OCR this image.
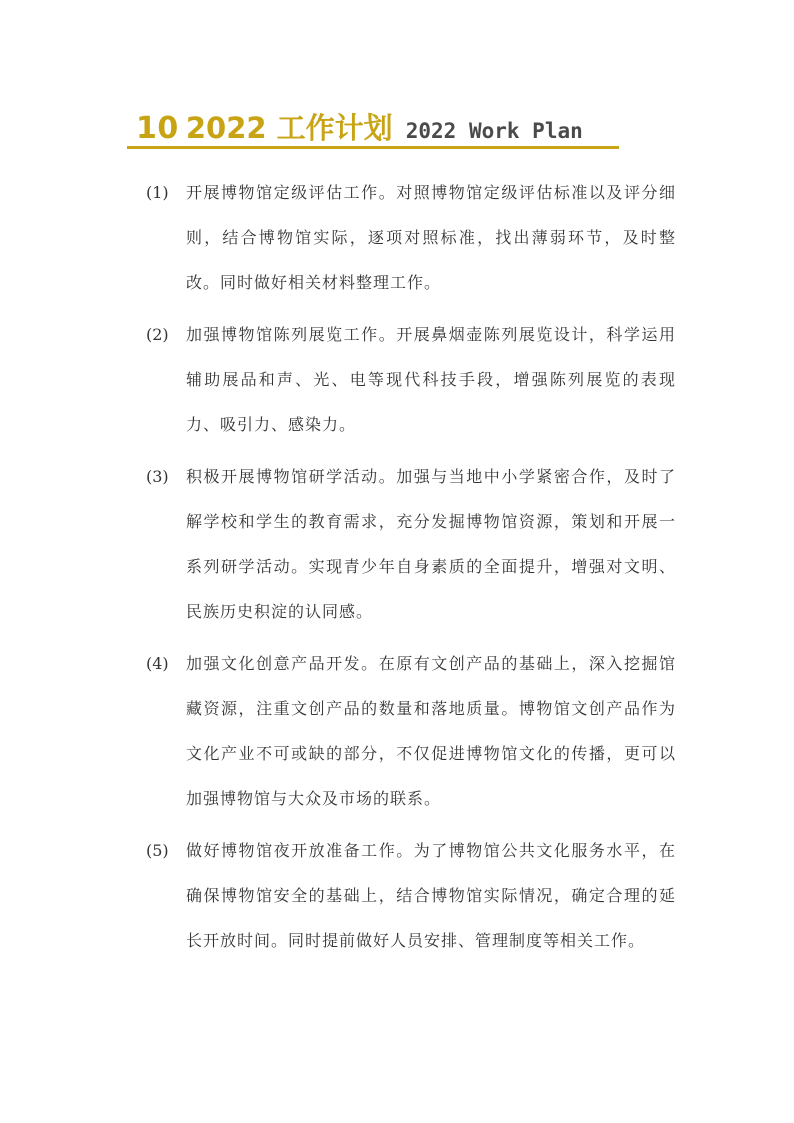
10 2022 工作计划 2022 Work Plan
(1)	开展博物馆定级评估工作。对照博物馆定级评估标准以及评分细则，结合博物馆实际，逐项对照标准，找出薄弱环节，及时整改。同时做好相关材料整理工作。
(2)	加强博物馆陈列展览工作。开展鼻烟壶陈列展览设计，科学运用辅助展品和声、光、电等现代科技手段，增强陈列展览的表现力、吸引力、感染力。
(3)	积极开展博物馆研学活动。加强与当地中小学紧密合作，及时了解学校和学生的教育需求，充分发掘博物馆资源，策划和开展一系列研学活动。实现青少年自身素质的全面提升，增强对文明、民族历史积淀的认同感。
(4)	加强文化创意产品开发。在原有文创产品的基础上，深入挖掘馆藏资源，注重文创产品的数量和落地质量。博物馆文创产品作为文化产业不可或缺的部分，不仅促进博物馆文化的传播，更可以加强博物馆与大众及市场的联系。
(5)	做好博物馆夜开放准备工作。为了博物馆公共文化服务水平，在确保博物馆安全的基础上，结合博物馆实际情况，确定合理的延长开放时间。同时提前做好人员安排、管理制度等相关工作。
